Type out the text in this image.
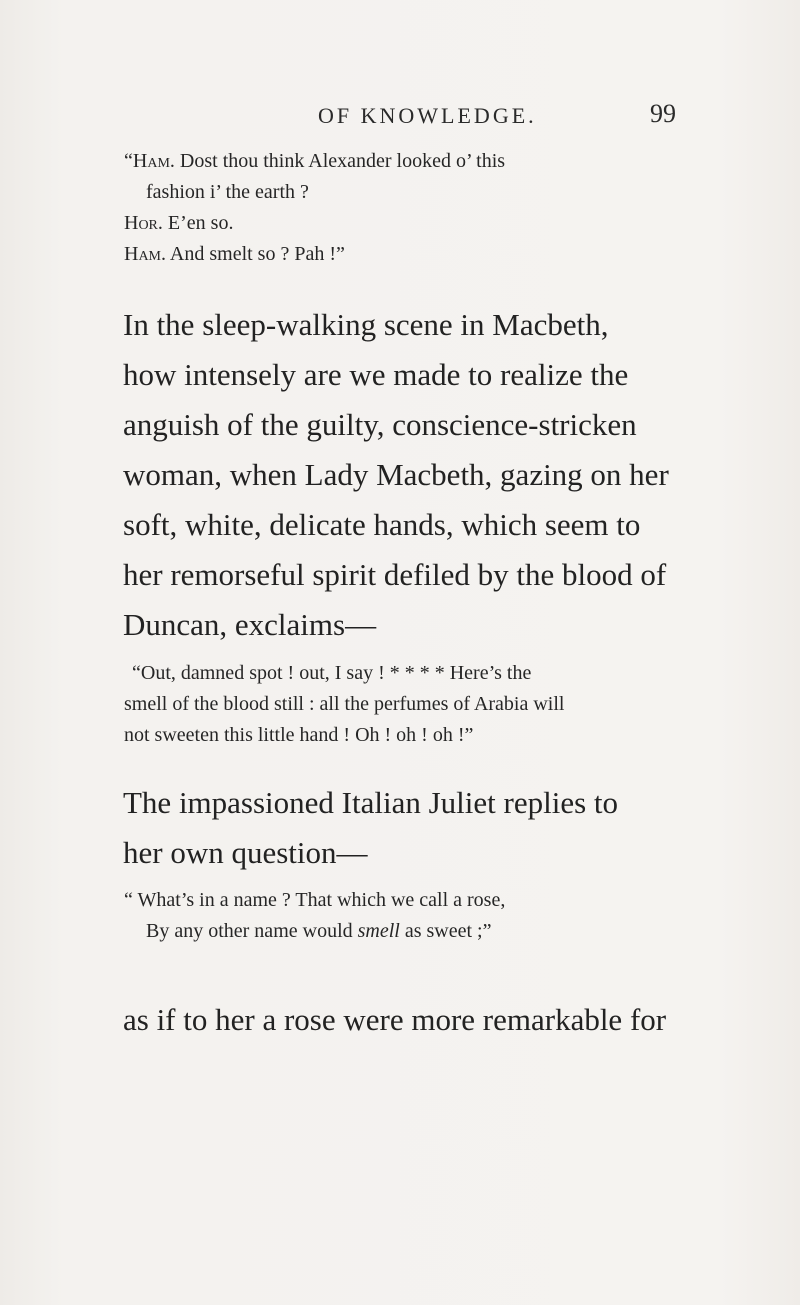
OF KNOWLEDGE.	99
“Ham. Dost thou think Alexander looked o’ this
fashion i’ the earth ?
Hor. E’en so.
Ham. And smelt so ? Pah !”
In the sleep-walking scene in Macbeth,
how intensely are we made to realize the
anguish of the guilty, conscience-stricken
woman, when Lady Macbeth, gazing on her
soft, white, delicate hands, which seem to
her remorseful spirit defiled by the blood of
Duncan, exclaims—
“Out, damned spot ! out, I say ! * * * * Here’s the
smell of the blood still : all the perfumes of Arabia will
not sweeten this little hand ! Oh ! oh ! oh !”
The impassioned Italian Juliet replies to
her own question—
“ What’s in a name ? That which we call a rose,
By any other name would smell as sweet ;”
as if to her a rose were more remarkable for
